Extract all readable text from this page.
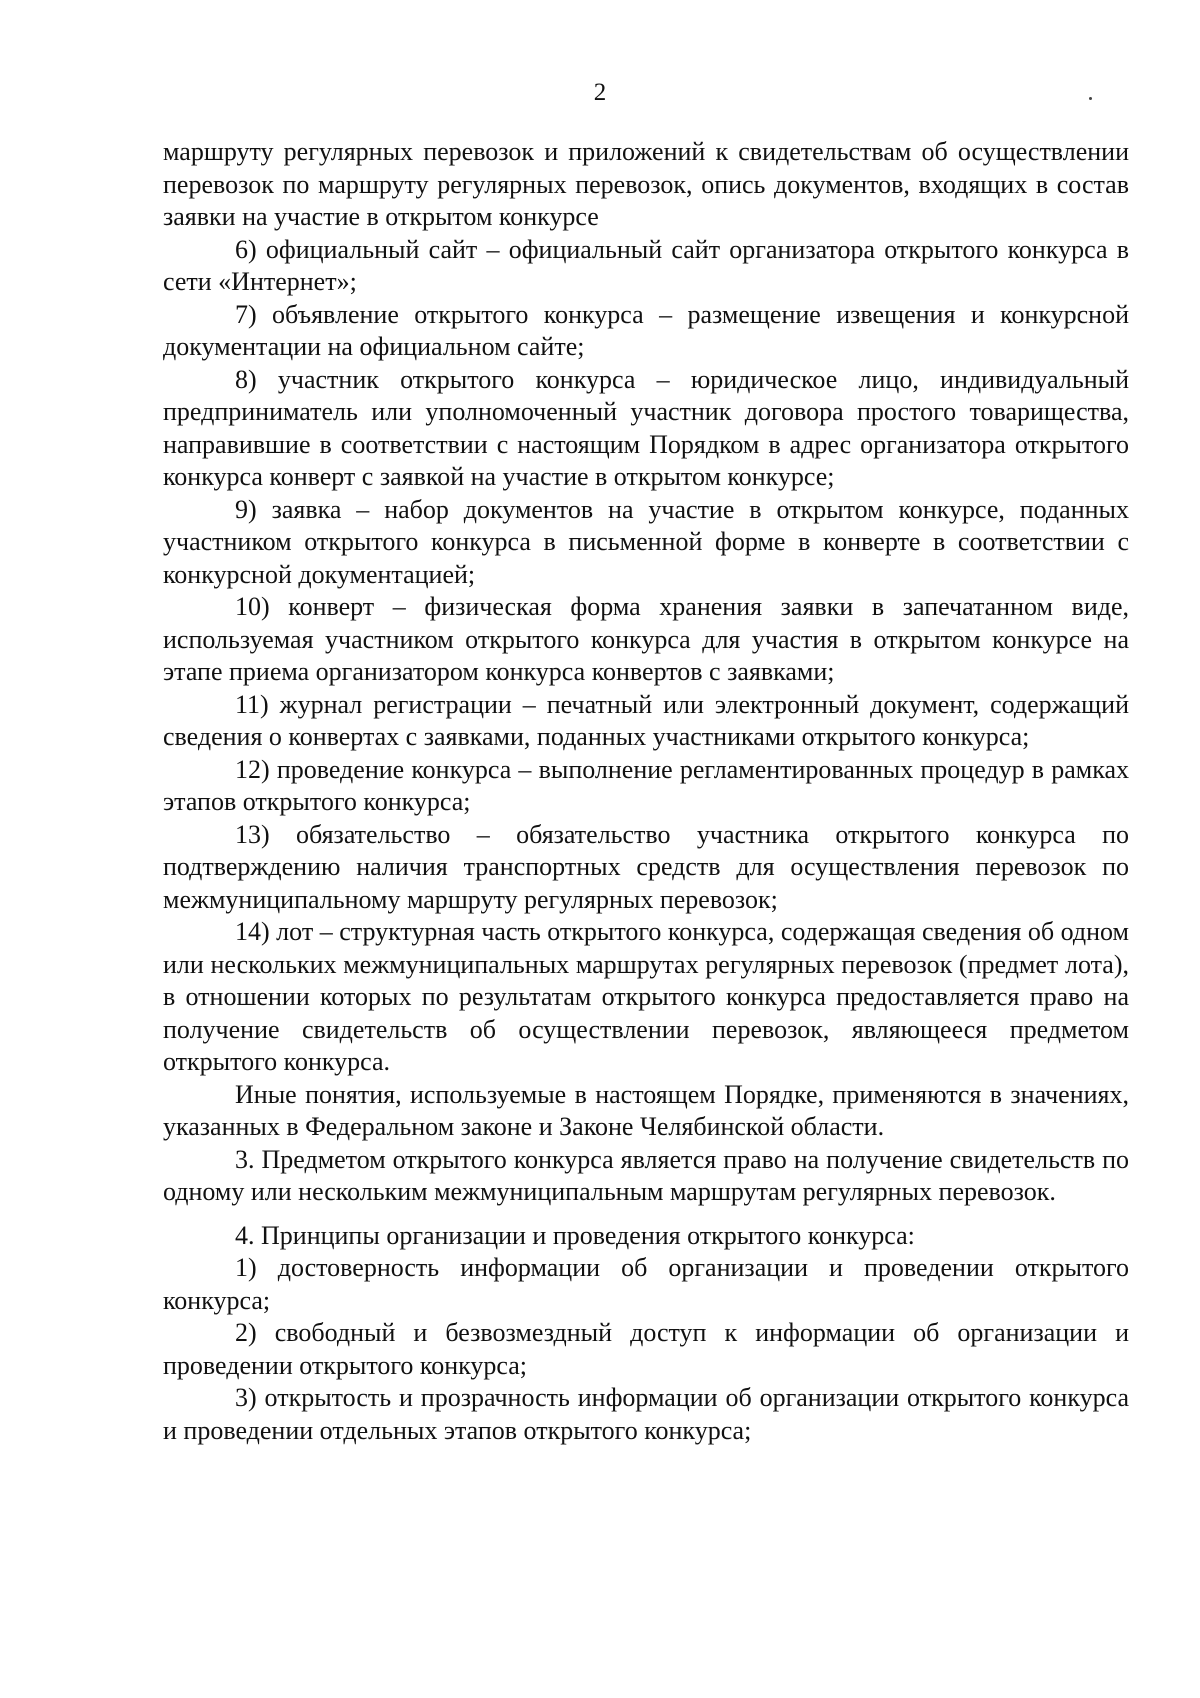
2

маршруту регулярных перевозок и приложений к свидетельствам об осуществлении перевозок по маршруту регулярных перевозок, опись документов, входящих в состав заявки на участие в открытом конкурсе

6) официальный сайт – официальный сайт организатора открытого конкурса в сети «Интернет»;

7) объявление открытого конкурса – размещение извещения и конкурсной документации на официальном сайте;

8) участник открытого конкурса – юридическое лицо, индивидуальный предприниматель или уполномоченный участник договора простого товарищества, направившие в соответствии с настоящим Порядком в адрес организатора открытого конкурса конверт с заявкой на участие в открытом конкурсе;

9) заявка – набор документов на участие в открытом конкурсе, поданных участником открытого конкурса в письменной форме в конверте в соответствии с конкурсной документацией;

10) конверт – физическая форма хранения заявки в запечатанном виде, используемая участником открытого конкурса для участия в открытом конкурсе на этапе приема организатором конкурса конвертов с заявками;

11) журнал регистрации – печатный или электронный документ, содержащий сведения о конвертах с заявками, поданных участниками открытого конкурса;

12) проведение конкурса – выполнение регламентированных процедур в рамках этапов открытого конкурса;

13) обязательство – обязательство участника открытого конкурса по подтверждению наличия транспортных средств для осуществления перевозок по межмуниципальному маршруту регулярных перевозок;

14) лот – структурная часть открытого конкурса, содержащая сведения об одном или нескольких межмуниципальных маршрутах регулярных перевозок (предмет лота), в отношении которых по результатам открытого конкурса предоставляется право на получение свидетельств об осуществлении перевозок, являющееся предметом открытого конкурса.

Иные понятия, используемые в настоящем Порядке, применяются в значениях, указанных в Федеральном законе и Законе Челябинской области.

3. Предметом открытого конкурса является право на получение свидетельств по одному или нескольким межмуниципальным маршрутам регулярных перевозок.

4. Принципы организации и проведения открытого конкурса:

1) достоверность информации об организации и проведении открытого конкурса;

2) свободный и безвозмездный доступ к информации об организации и проведении открытого конкурса;

3) открытость и прозрачность информации об организации открытого конкурса и проведении отдельных этапов открытого конкурса;
